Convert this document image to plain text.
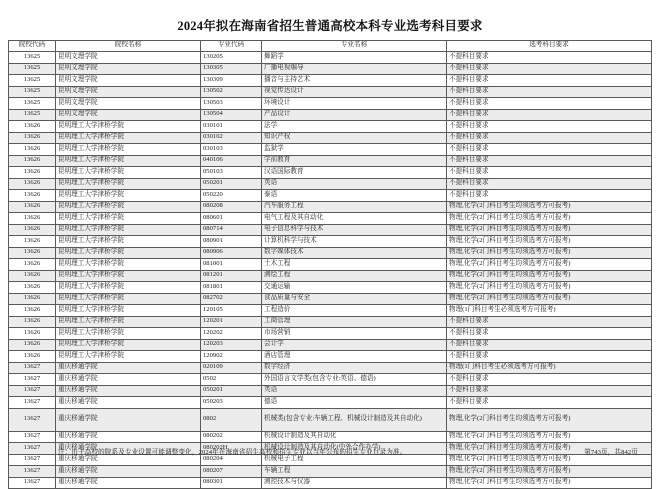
2024年拟在海南省招生普通高校本科专业选考科目要求
院校代码	院校名称	专业代码	专业名称	选考科目要求
13625	昆明文理学院	130205	舞蹈学	不提科目要求
13625	昆明文理学院	130305	广播电视编导	不提科目要求
13625	昆明文理学院	130309	播音与主持艺术	不提科目要求
13625	昆明文理学院	130502	视觉传达设计	不提科目要求
13625	昆明文理学院	130503	环境设计	不提科目要求
13625	昆明文理学院	130504	产品设计	不提科目要求
13626	昆明理工大学津桥学院	030101	法学	不提科目要求
13626	昆明理工大学津桥学院	030102	知识产权	不提科目要求
13626	昆明理工大学津桥学院	030103	监狱学	不提科目要求
13626	昆明理工大学津桥学院	040106	学前教育	不提科目要求
13626	昆明理工大学津桥学院	050103	汉语国际教育	不提科目要求
13626	昆明理工大学津桥学院	050201	英语	不提科目要求
13626	昆明理工大学津桥学院	050220	泰语	不提科目要求
13626	昆明理工大学津桥学院	080208	汽车服务工程	物理,化学(2门科目考生均须选考方可报考)
13626	昆明理工大学津桥学院	080601	电气工程及其自动化	物理,化学(2门科目考生均须选考方可报考)
13626	昆明理工大学津桥学院	080714	电子信息科学与技术	物理,化学(2门科目考生均须选考方可报考)
13626	昆明理工大学津桥学院	080901	计算机科学与技术	物理,化学(2门科目考生均须选考方可报考)
13626	昆明理工大学津桥学院	080906	数字媒体技术	物理,化学(2门科目考生均须选考方可报考)
13626	昆明理工大学津桥学院	081001	土木工程	物理,化学(2门科目考生均须选考方可报考)
13626	昆明理工大学津桥学院	081201	测绘工程	物理,化学(2门科目考生均须选考方可报考)
13626	昆明理工大学津桥学院	081801	交通运输	物理,化学(2门科目考生均须选考方可报考)
13626	昆明理工大学津桥学院	082702	食品质量与安全	物理,化学(2门科目考生均须选考方可报考)
13626	昆明理工大学津桥学院	120105	工程造价	物理(1门科目考生必须选考方可报考)
13626	昆明理工大学津桥学院	120201	工商管理	不提科目要求
13626	昆明理工大学津桥学院	120202	市场营销	不提科目要求
13626	昆明理工大学津桥学院	120203	会计学	不提科目要求
13626	昆明理工大学津桥学院	120902	酒店管理	不提科目要求
13627	重庆移通学院	020109	数字经济	物理(1门科目考生必须选考方可报考)
13627	重庆移通学院	0502	外国语言文学类(包含专业:英语、德语)	不提科目要求
13627	重庆移通学院	050201	英语	不提科目要求
13627	重庆移通学院	050203	德语	不提科目要求
13627	重庆移通学院	0802	机械类(包含专业:车辆工程、机械设计制造及其自动化)	物理,化学(2门科目考生均须选考方可报考)
13627	重庆移通学院	080202	机械设计制造及其自动化	物理,化学(2门科目考生均须选考方可报考)
13627	重庆移通学院	080202H	机械设计制造及其自动化(中外合作办学)	物理,化学(2门科目考生均须选考方可报考)
13627	重庆移通学院	080204	机械电子工程	物理,化学(2门科目考生均须选考方可报考)
13627	重庆移通学院	080207	车辆工程	物理,化学(2门科目考生均须选考方可报考)
13627	重庆移通学院	080301	测控技术与仪器	物理,化学(2门科目考生均须选考方可报考)
注：由于高校的院系及专业设置可能调整变化，2024年在海南省招生高校和招生专业以当年公布的招生专业目录为准。	第743页，共842页
